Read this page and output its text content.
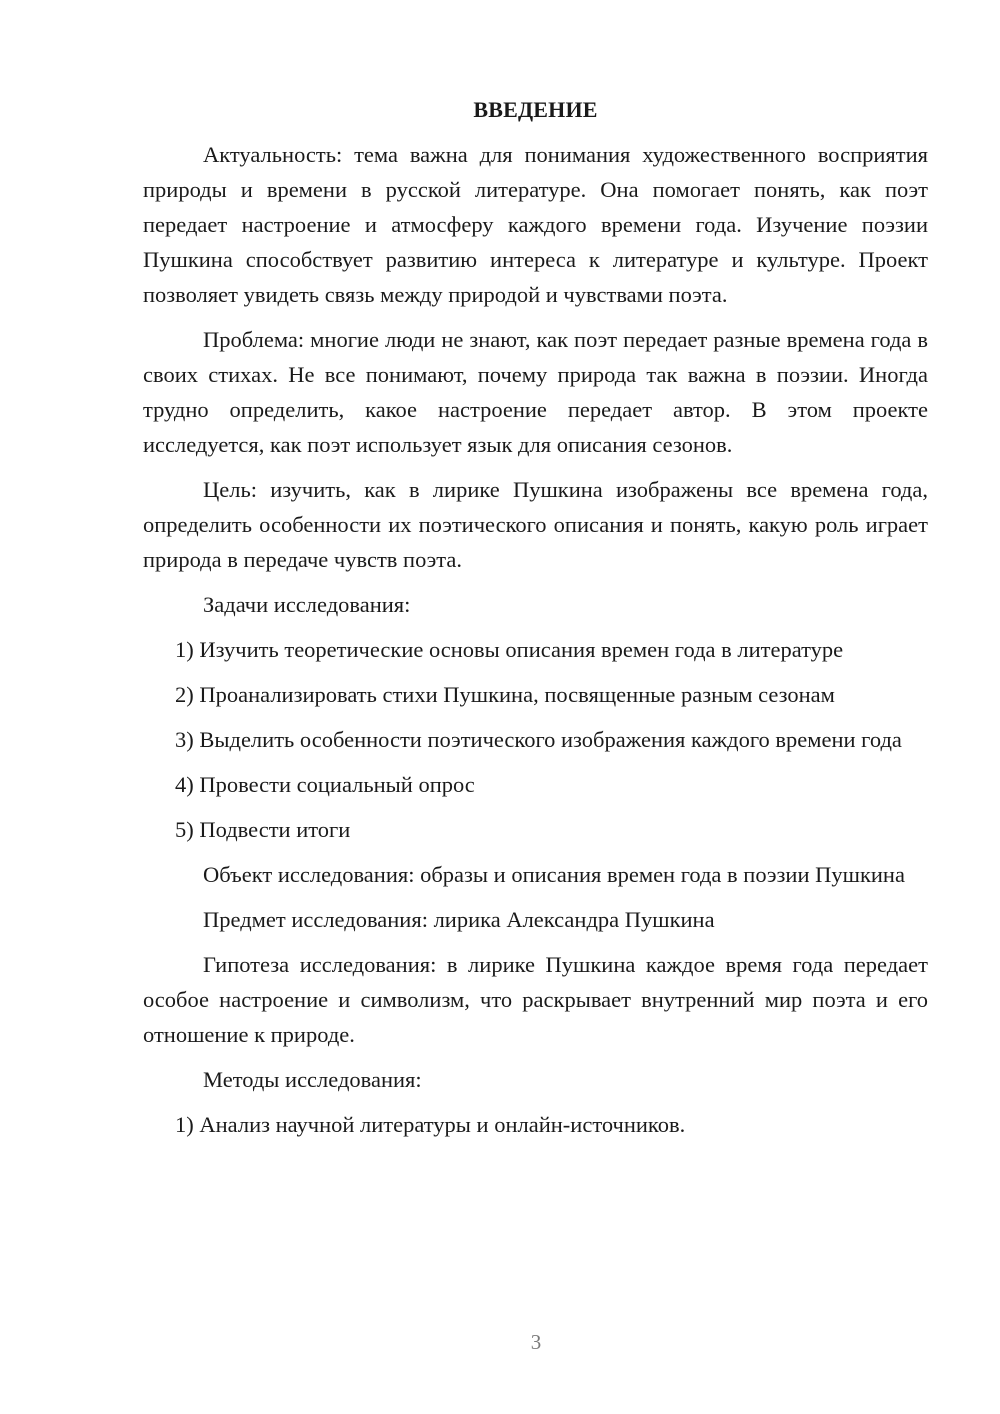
ВВЕДЕНИЕ

Актуальность: тема важна для понимания художественного восприятия природы и времени в русской литературе. Она помогает понять, как поэт передает настроение и атмосферу каждого времени года. Изучение поэзии Пушкина способствует развитию интереса к литературе и культуре. Проект позволяет увидеть связь между природой и чувствами поэта.

Проблема: многие люди не знают, как поэт передает разные времена года в своих стихах. Не все понимают, почему природа так важна в поэзии. Иногда трудно определить, какое настроение передает автор. В этом проекте исследуется, как поэт использует язык для описания сезонов.

Цель: изучить, как в лирике Пушкина изображены все времена года, определить особенности их поэтического описания и понять, какую роль играет природа в передаче чувств поэта.

Задачи исследования:

1) Изучить теоретические основы описания времен года в литературе

2) Проанализировать стихи Пушкина, посвященные разным сезонам

3) Выделить особенности поэтического изображения каждого времени года

4) Провести социальный опрос

5) Подвести итоги

Объект исследования: образы и описания времен года в поэзии Пушкина

Предмет исследования: лирика Александра Пушкина

Гипотеза исследования: в лирике Пушкина каждое время года передает особое настроение и символизм, что раскрывает внутренний мир поэта и его отношение к природе.

Методы исследования:

1) Анализ научной литературы и онлайн-источников.

3
